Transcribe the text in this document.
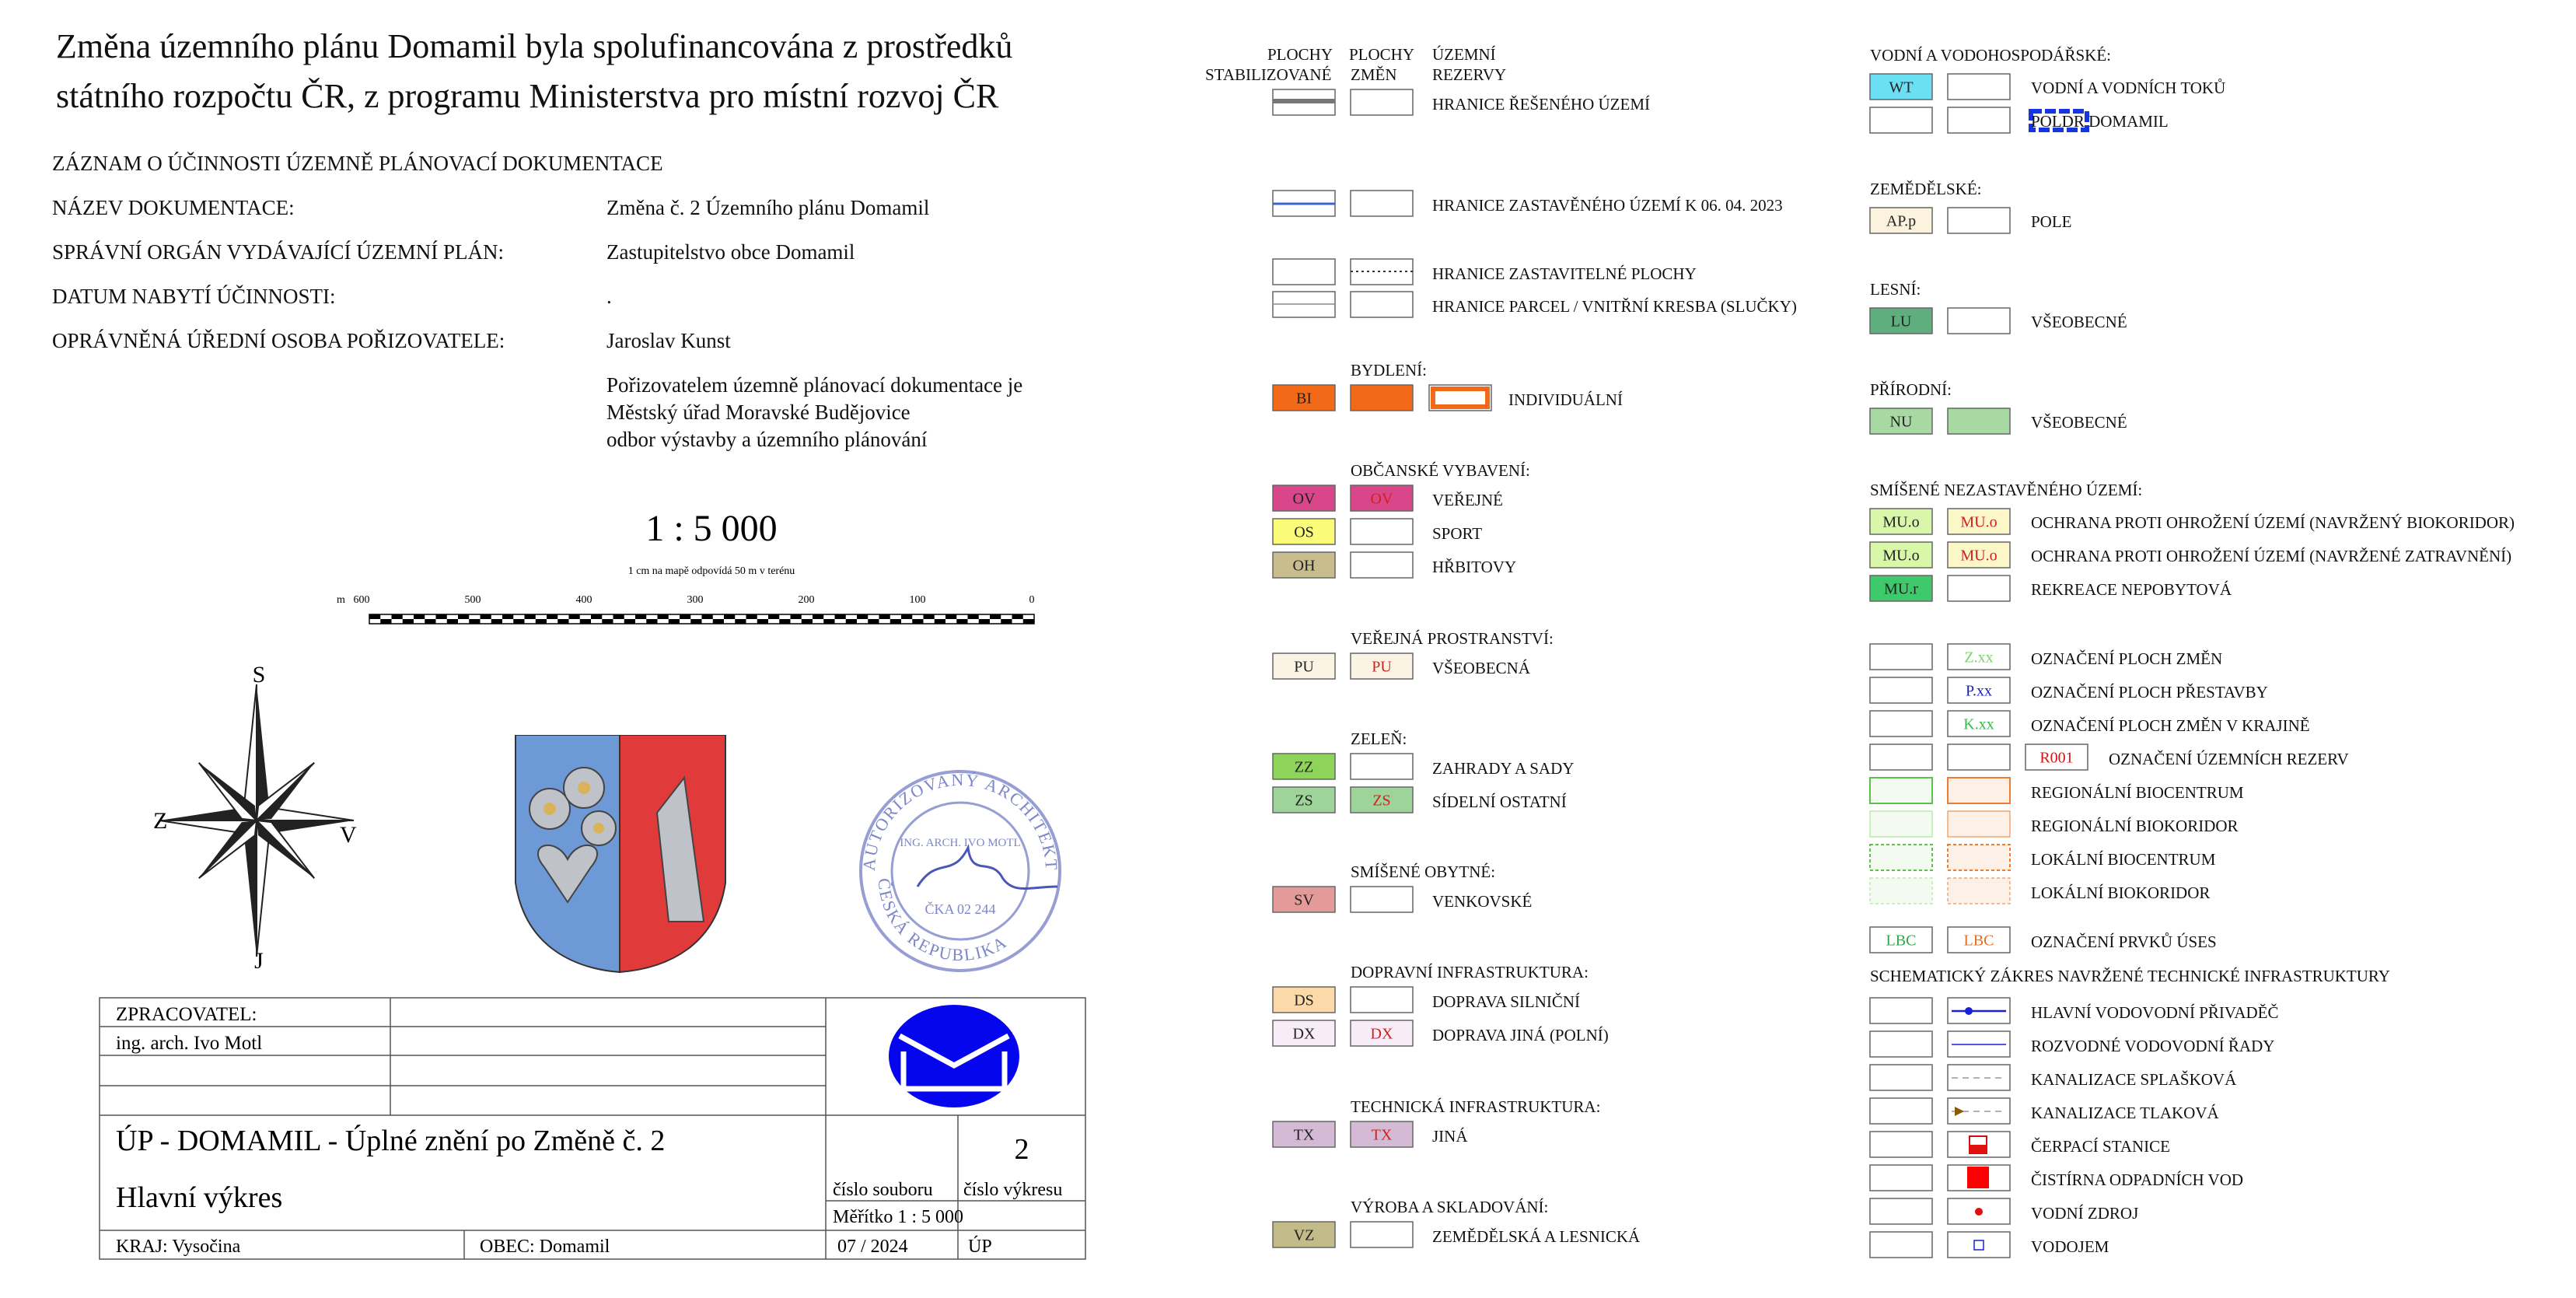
Změna územního plánu Domamil byla spolufinancována z prostředků
státního rozpočtu ČR, z programu Ministerstva pro místní rozvoj ČR
ZÁZNAM O ÚČINNOSTI ÚZEMNĚ PLÁNOVACÍ DOKUMENTACE
NÁZEV DOKUMENTACE:	Změna č. 2 Územního plánu Domamil
SPRÁVNÍ ORGÁN VYDÁVAJÍCÍ ÚZEMNÍ PLÁN:	Zastupitelstvo obce Domamil
DATUM NABYTÍ ÚČINNOSTI:	.
OPRÁVNĚNÁ ÚŘEDNÍ OSOBA POŘIZOVATELE:	Jaroslav Kunst
Pořizovatelem územně plánovací dokumentace je
Městský úřad Moravské Budějovice
odbor výstavby a územního plánování
1 : 5 000
1 cm na mapě odpovídá 50 m v terénu
m 600	500	400	300	200	100	0
S
J
Z
V
AUTORIZOVANÝ ARCHITEKT
ČESKÁ REPUBLIKA
ING. ARCH. IVO MOTL
ČKA 02 244
ZPRACOVATEL:
ing. arch. Ivo Motl
ÚP - DOMAMIL - Úplné znění po Změně č. 2
Hlavní výkres
2
číslo souboru číslo výkresu
Měřítko 1 : 5 000
KRAJ: Vysočina	OBEC: Domamil	07 / 2024	ÚP
PLOCHY
STABILIZOVANÉ
PLOCHY
ZMĚN
ÚZEMNÍ
REZERVY
HRANICE ŘEŠENÉHO ÚZEMÍ
HRANICE ZASTAVĚNÉHO ÚZEMÍ K 06. 04. 2023
HRANICE ZASTAVITELNÉ PLOCHY
HRANICE PARCEL / VNITŘNÍ KRESBA (SLUČKY)
BYDLENÍ:
BI	INDIVIDUÁLNÍ
OBČANSKÉ VYBAVENÍ:
OV	OV VEŘEJNÉ
OS	SPORT
OH	HŘBITOVY
VEŘEJNÁ PROSTRANSTVÍ:
PU	PU VŠEOBECNÁ
ZELEŇ:
ZZ	ZAHRADY A SADY
ZS	ZS	SÍDELNÍ OSTATNÍ
SMÍŠENÉ OBYTNÉ:
SV	VENKOVSKÉ
DOPRAVNÍ INFRASTRUKTURA:
DS	DOPRAVA SILNIČNÍ
DX	DX DOPRAVA JINÁ (POLNÍ)
TECHNICKÁ INFRASTRUKTURA:
TX	TX JINÁ
VÝROBA A SKLADOVÁNÍ:
VZ	ZEMĚDĚLSKÁ A LESNICKÁ
VODNÍ A VODOHOSPODÁŘSKÉ:
WT	VODNÍ A VODNÍCH TOKŮ
POLDR DOMAMIL
ZEMĚDĚLSKÉ:
AP.p	POLE
LESNÍ:
LU	VŠEOBECNÉ
PŘÍRODNÍ:
NU	VŠEOBECNÉ
SMÍŠENÉ NEZASTAVĚNÉHO ÚZEMÍ:
MU.o	MU.o OCHRANA PROTI OHROŽENÍ ÚZEMÍ (NAVRŽENÝ BIOKORIDOR)
MU.o	MU.o OCHRANA PROTI OHROŽENÍ ÚZEMÍ (NAVRŽENÉ ZATRAVNĚNÍ)
MU.r	REKREACE NEPOBYTOVÁ
Z.xx OZNAČENÍ PLOCH ZMĚN
P.xx OZNAČENÍ PLOCH PŘESTAVBY
K.xx OZNAČENÍ PLOCH ZMĚN V KRAJINĚ
R001 OZNAČENÍ ÚZEMNÍCH REZERV
REGIONÁLNÍ BIOCENTRUM
REGIONÁLNÍ BIOKORIDOR
LOKÁLNÍ BIOCENTRUM
LOKÁLNÍ BIOKORIDOR
LBC	LBC OZNAČENÍ PRVKŮ ÚSES
SCHEMATICKÝ ZÁKRES NAVRŽENÉ TECHNICKÉ INFRASTRUKTURY
HLAVNÍ VODOVODNÍ PŘIVADĚČ
ROZVODNÉ VODOVODNÍ ŘADY
KANALIZACE SPLAŠKOVÁ
KANALIZACE TLAKOVÁ
ČERPACÍ STANICE
ČISTÍRNA ODPADNÍCH VOD
VODNÍ ZDROJ
VODOJEM
